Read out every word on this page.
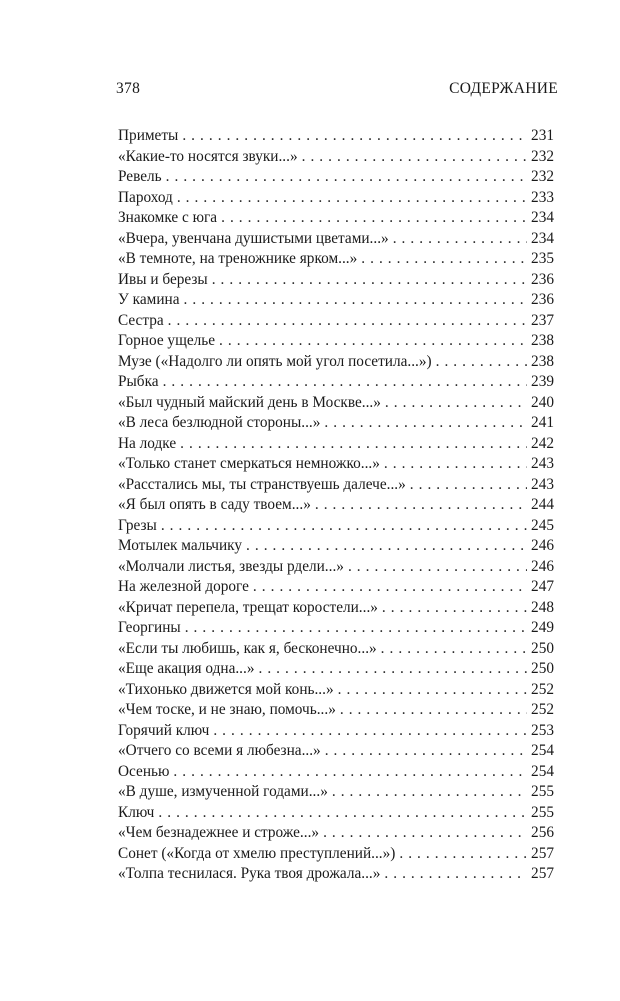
378	СОДЕРЖАНИЕ
Приметы . . .	231
«Какие-то носятся звуки...» . . .	232
Ревель . . .	232
Пароход . . .	233
Знакомке с юга . . .	234
«Вчера, увенчана душистыми цветами...» . . .	234
«В темноте, на треножнике ярком...» . . .	235
Ивы и березы . . .	236
У камина . . .	236
Сестра . . .	237
Горное ущелье . . .	238
Музе («Надолго ли опять мой угол посетила...») . . .	238
Рыбка . . .	239
«Был чудный майский день в Москве...» . . .	240
«В леса безлюдной стороны...» . . .	241
На лодке . . .	242
«Только станет смеркаться немножко...» . . .	243
«Расстались мы, ты странствуешь далече...» . . .	243
«Я был опять в саду твоем...» . . .	244
Грезы . . .	245
Мотылек мальчику . . .	246
«Молчали листья, звезды рдели...» . . .	246
На железной дороге . . .	247
«Кричат перепела, трещат коростели...» . . .	248
Георгины . . .	249
«Если ты любишь, как я, бесконечно...» . . .	250
«Еще акация одна...» . . .	250
«Тихонько движется мой конь...» . . .	252
«Чем тоске, и не знаю, помочь...» . . .	252
Горячий ключ . . .	253
«Отчего со всеми я любезна...» . . .	254
Осенью . . .	254
«В душе, измученной годами...» . . .	255
Ключ . . .	255
«Чем безнадежнее и строже...» . . .	256
Сонет («Когда от хмелю преступлений...») . . .	257
«Толпа теснилася. Рука твоя дрожала...» . . .	257
